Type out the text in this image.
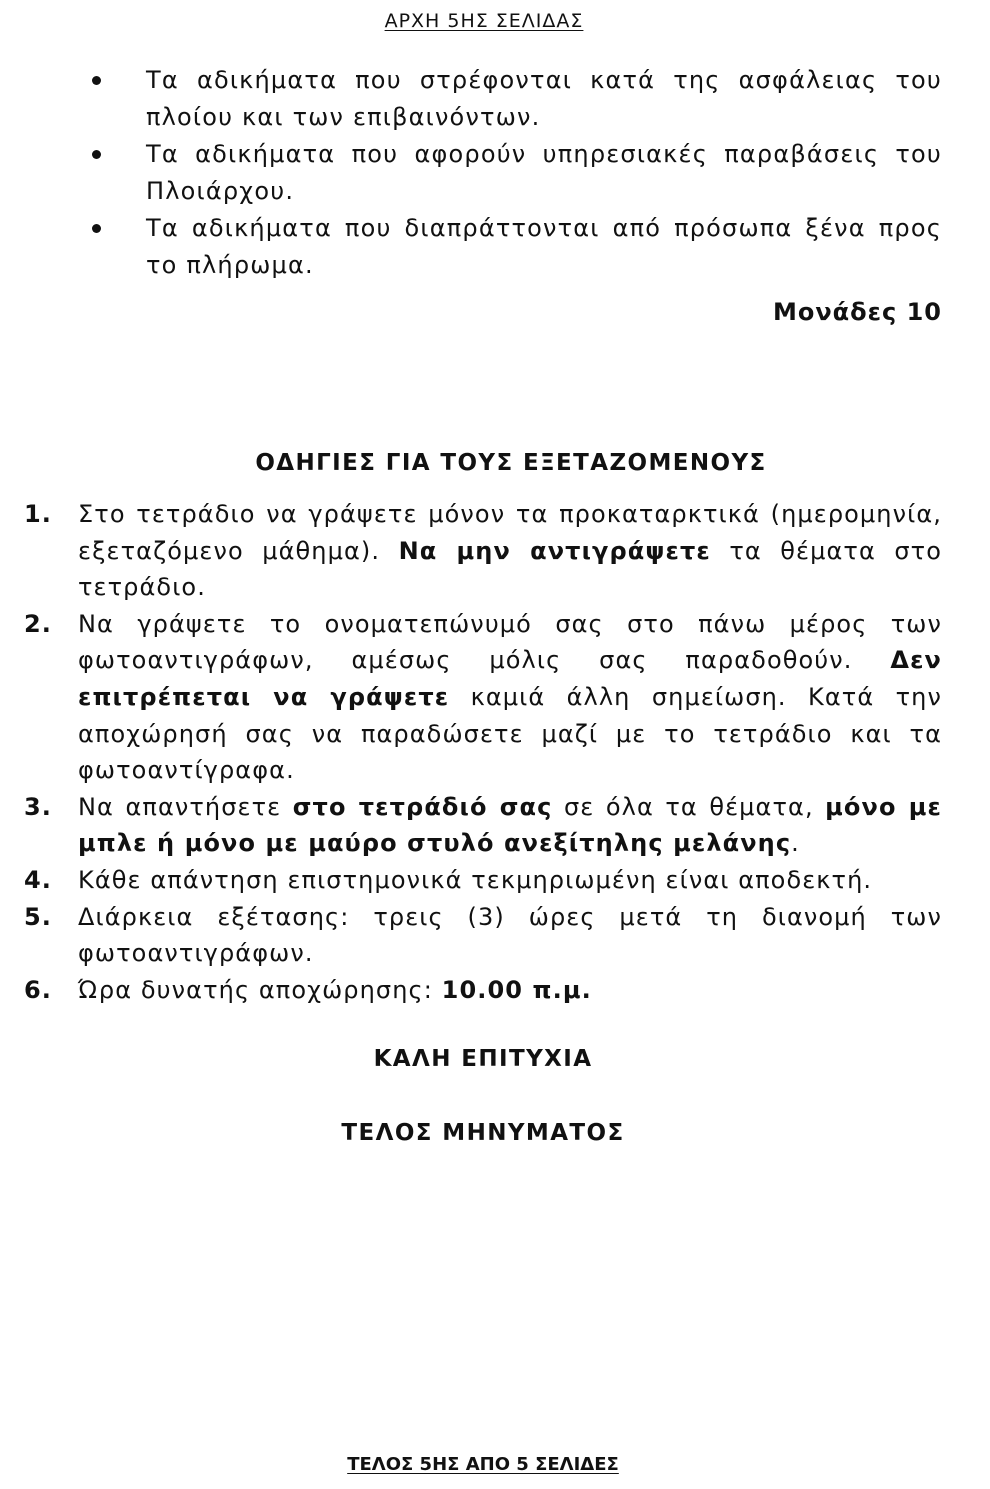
ΑΡΧΗ 5ΗΣ ΣΕΛΙΔΑΣ
Τα αδικήματα που στρέφονται κατά της ασφάλειας του πλοίου και των επιβαινόντων.
Τα αδικήματα που αφορούν υπηρεσιακές παραβάσεις του Πλοιάρχου.
Τα αδικήματα που διαπράττονται από πρόσωπα ξένα προς το πλήρωμα.
Μονάδες 10
ΟΔΗΓΙΕΣ ΓΙΑ ΤΟΥΣ ΕΞΕΤΑΖΟΜΕΝΟΥΣ
1. Στο τετράδιο να γράψετε μόνον τα προκαταρκτικά (ημερομηνία, εξεταζόμενο μάθημα). Να μην αντιγράψετε τα θέματα στο τετράδιο.
2. Να γράψετε το ονοματεπώνυμό σας στο πάνω μέρος των φωτοαντιγράφων, αμέσως μόλις σας παραδοθούν. Δεν επιτρέπεται να γράψετε καμιά άλλη σημείωση. Κατά την αποχώρησή σας να παραδώσετε μαζί με το τετράδιο και τα φωτοαντίγραφα.
3. Να απαντήσετε στο τετράδιό σας σε όλα τα θέματα, μόνο με μπλε ή μόνο με μαύρο στυλό ανεξίτηλης μελάνης.
4. Κάθε απάντηση επιστημονικά τεκμηριωμένη είναι αποδεκτή.
5. Διάρκεια εξέτασης: τρεις (3) ώρες μετά τη διανομή των φωτοαντιγράφων.
6. Ώρα δυνατής αποχώρησης: 10.00 π.μ.
ΚΑΛΗ ΕΠΙΤΥΧΙΑ
ΤΕΛΟΣ ΜΗΝΥΜΑΤΟΣ
ΤΕΛΟΣ 5ΗΣ ΑΠΟ 5 ΣΕΛΙΔΕΣ
